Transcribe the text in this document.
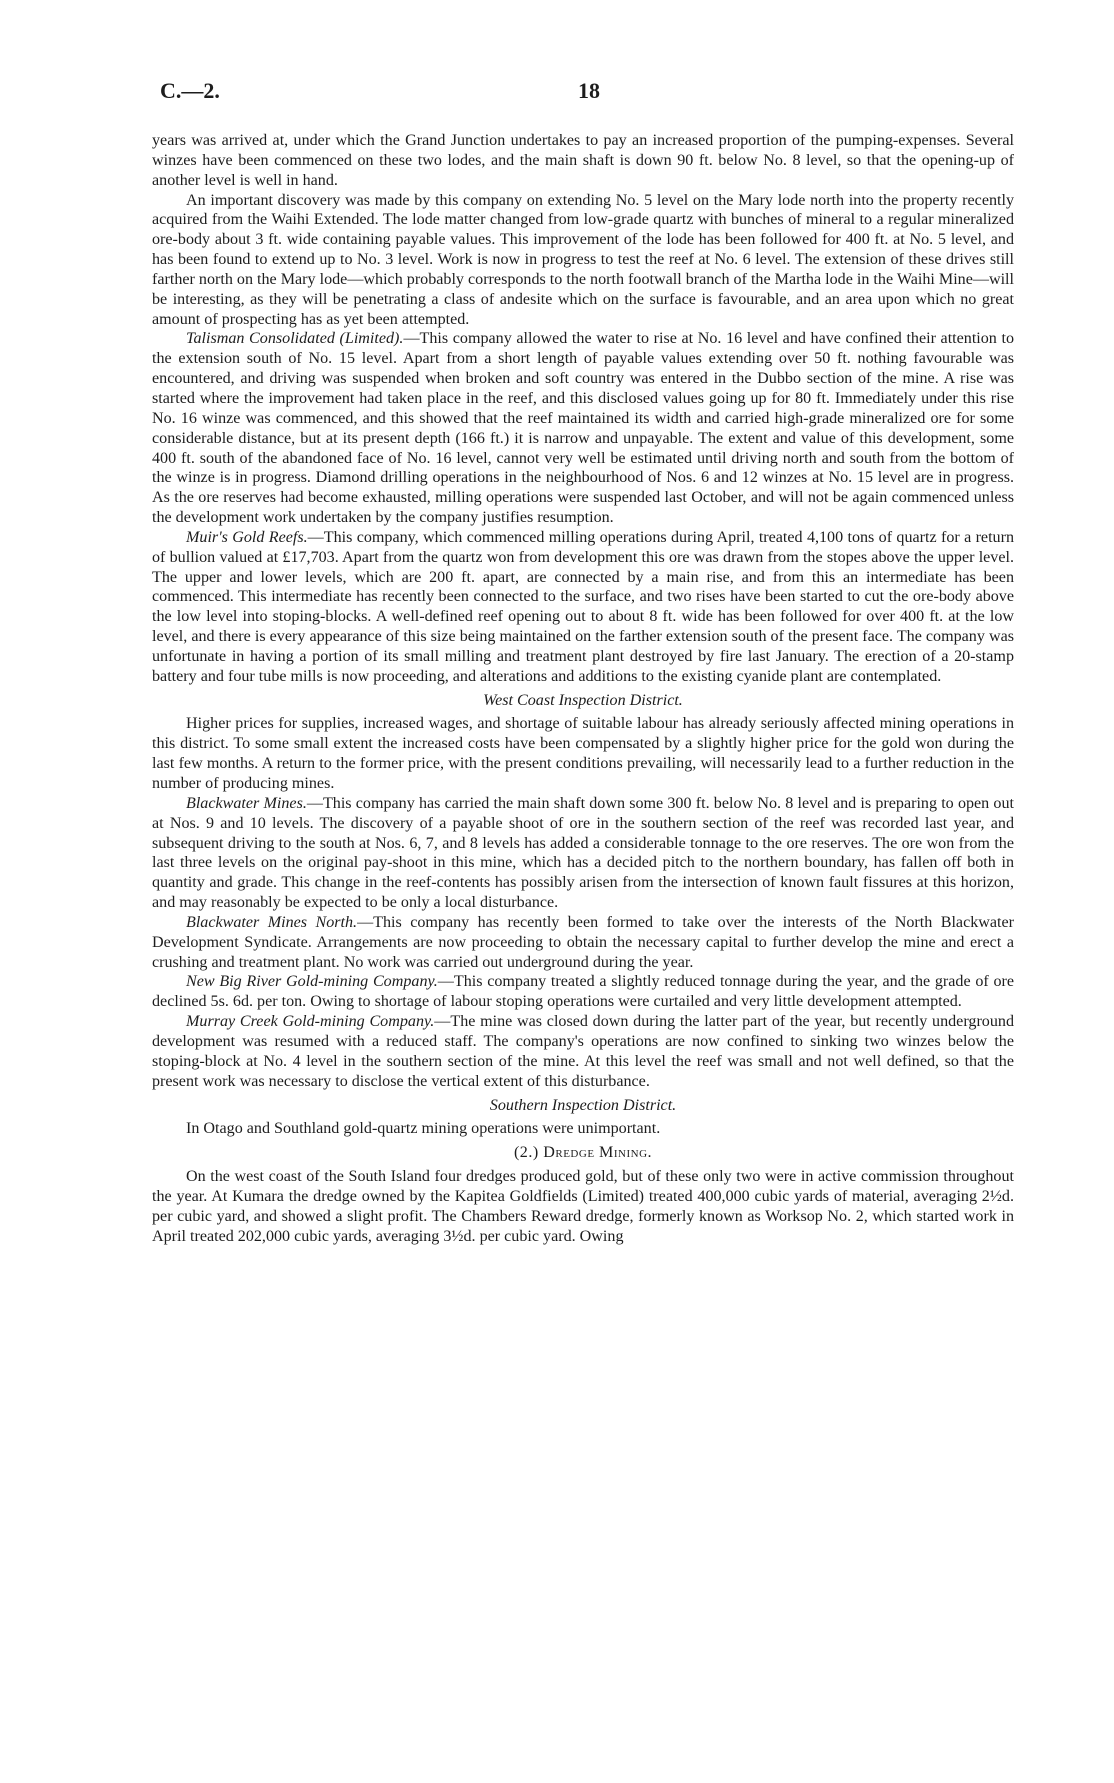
C.—2.	18

years was arrived at, under which the Grand Junction undertakes to pay an increased proportion of the pumping-expenses. Several winzes have been commenced on these two lodes, and the main shaft is down 90 ft. below No. 8 level, so that the opening-up of another level is well in hand.

An important discovery was made by this company on extending No. 5 level on the Mary lode north into the property recently acquired from the Waihi Extended. The lode matter changed from low-grade quartz with bunches of mineral to a regular mineralized ore-body about 3 ft. wide containing payable values. This improvement of the lode has been followed for 400 ft. at No. 5 level, and has been found to extend up to No. 3 level. Work is now in progress to test the reef at No. 6 level. The extension of these drives still farther north on the Mary lode—which probably corresponds to the north footwall branch of the Martha lode in the Waihi Mine—will be interesting, as they will be penetrating a class of andesite which on the surface is favourable, and an area upon which no great amount of prospecting has as yet been attempted.

Talisman Consolidated (Limited).—This company allowed the water to rise at No. 16 level and have confined their attention to the extension south of No. 15 level. Apart from a short length of payable values extending over 50 ft. nothing favourable was encountered, and driving was suspended when broken and soft country was entered in the Dubbo section of the mine. A rise was started where the improvement had taken place in the reef, and this disclosed values going up for 80 ft. Immediately under this rise No. 16 winze was commenced, and this showed that the reef maintained its width and carried high-grade mineralized ore for some considerable distance, but at its present depth (166 ft.) it is narrow and unpayable. The extent and value of this development, some 400 ft. south of the abandoned face of No. 16 level, cannot very well be estimated until driving north and south from the bottom of the winze is in progress. Diamond drilling operations in the neighbourhood of Nos. 6 and 12 winzes at No. 15 level are in progress. As the ore reserves had become exhausted, milling operations were suspended last October, and will not be again commenced unless the development work undertaken by the company justifies resumption.

Muir's Gold Reefs.—This company, which commenced milling operations during April, treated 4,100 tons of quartz for a return of bullion valued at £17,703. Apart from the quartz won from development this ore was drawn from the stopes above the upper level. The upper and lower levels, which are 200 ft. apart, are connected by a main rise, and from this an intermediate has been commenced. This intermediate has recently been connected to the surface, and two rises have been started to cut the ore-body above the low level into stoping-blocks. A well-defined reef opening out to about 8 ft. wide has been followed for over 400 ft. at the low level, and there is every appearance of this size being maintained on the farther extension south of the present face. The company was unfortunate in having a portion of its small milling and treatment plant destroyed by fire last January. The erection of a 20-stamp battery and four tube mills is now proceeding, and alterations and additions to the existing cyanide plant are contemplated.

West Coast Inspection District.

Higher prices for supplies, increased wages, and shortage of suitable labour has already seriously affected mining operations in this district. To some small extent the increased costs have been compensated by a slightly higher price for the gold won during the last few months. A return to the former price, with the present conditions prevailing, will necessarily lead to a further reduction in the number of producing mines.

Blackwater Mines.—This company has carried the main shaft down some 300 ft. below No. 8 level and is preparing to open out at Nos. 9 and 10 levels. The discovery of a payable shoot of ore in the southern section of the reef was recorded last year, and subsequent driving to the south at Nos. 6, 7, and 8 levels has added a considerable tonnage to the ore reserves. The ore won from the last three levels on the original pay-shoot in this mine, which has a decided pitch to the northern boundary, has fallen off both in quantity and grade. This change in the reef-contents has possibly arisen from the intersection of known fault fissures at this horizon, and may reasonably be expected to be only a local disturbance.

Blackwater Mines North.—This company has recently been formed to take over the interests of the North Blackwater Development Syndicate. Arrangements are now proceeding to obtain the necessary capital to further develop the mine and erect a crushing and treatment plant. No work was carried out underground during the year.

New Big River Gold-mining Company.—This company treated a slightly reduced tonnage during the year, and the grade of ore declined 5s. 6d. per ton. Owing to shortage of labour stoping operations were curtailed and very little development attempted.

Murray Creek Gold-mining Company.—The mine was closed down during the latter part of the year, but recently underground development was resumed with a reduced staff. The company's operations are now confined to sinking two winzes below the stoping-block at No. 4 level in the southern section of the mine. At this level the reef was small and not well defined, so that the present work was necessary to disclose the vertical extent of this disturbance.

Southern Inspection District.

In Otago and Southland gold-quartz mining operations were unimportant.

(2.) Dredge Mining.

On the west coast of the South Island four dredges produced gold, but of these only two were in active commission throughout the year. At Kumara the dredge owned by the Kapitea Goldfields (Limited) treated 400,000 cubic yards of material, averaging 2½d. per cubic yard, and showed a slight profit. The Chambers Reward dredge, formerly known as Worksop No. 2, which started work in April treated 202,000 cubic yards, averaging 3½d. per cubic yard. Owing
